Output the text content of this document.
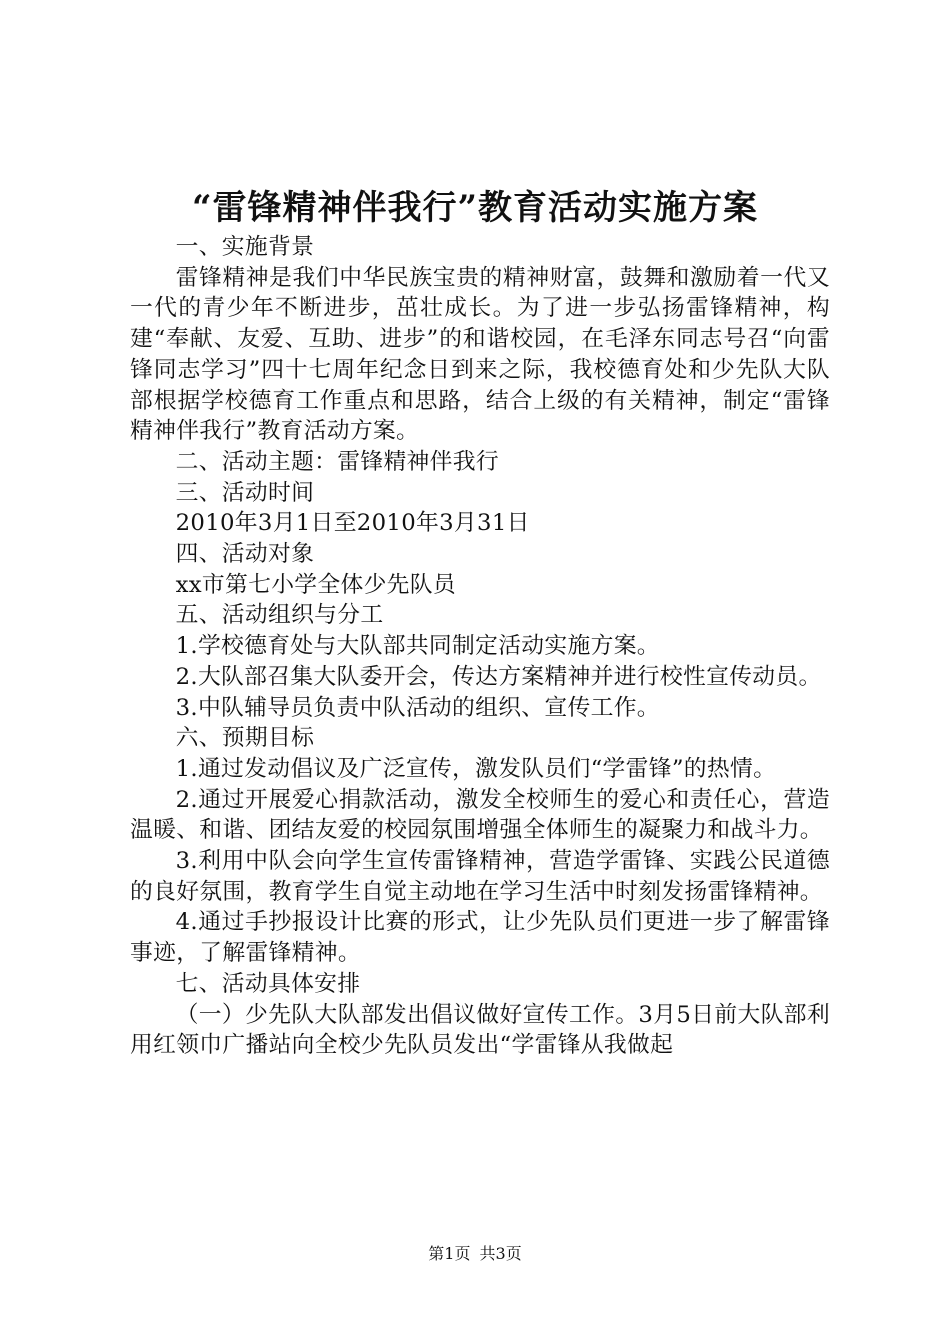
“雷锋精神伴我行”教育活动实施方案

一、实施背景

雷锋精神是我们中华民族宝贵的精神财富，鼓舞和激励着一代又一代的青少年不断进步，茁壮成长。为了进一步弘扬雷锋精神，构建“奉献、友爱、互助、进步”的和谐校园，在毛泽东同志号召“向雷锋同志学习”四十七周年纪念日到来之际，我校德育处和少先队大队部根据学校德育工作重点和思路，结合上级的有关精神，制定“雷锋精神伴我行”教育活动方案。

二、活动主题：雷锋精神伴我行

三、活动时间

2010年3月1日至2010年3月31日

四、活动对象

xx市第七小学全体少先队员

五、活动组织与分工

1.学校德育处与大队部共同制定活动实施方案。

2.大队部召集大队委开会，传达方案精神并进行校性宣传动员。

3.中队辅导员负责中队活动的组织、宣传工作。

六、预期目标

1.通过发动倡议及广泛宣传，激发队员们“学雷锋”的热情。

2.通过开展爱心捐款活动，激发全校师生的爱心和责任心，营造温暖、和谐、团结友爱的校园氛围增强全体师生的凝聚力和战斗力。

3.利用中队会向学生宣传雷锋精神，营造学雷锋、实践公民道德的良好氛围，教育学生自觉主动地在学习生活中时刻发扬雷锋精神。

4.通过手抄报设计比赛的形式，让少先队员们更进一步了解雷锋事迹，了解雷锋精神。

七、活动具体安排

（一）少先队大队部发出倡议做好宣传工作。3月5日前大队部利用红领巾广播站向全校少先队员发出“学雷锋从我做起

第1页 共3页
